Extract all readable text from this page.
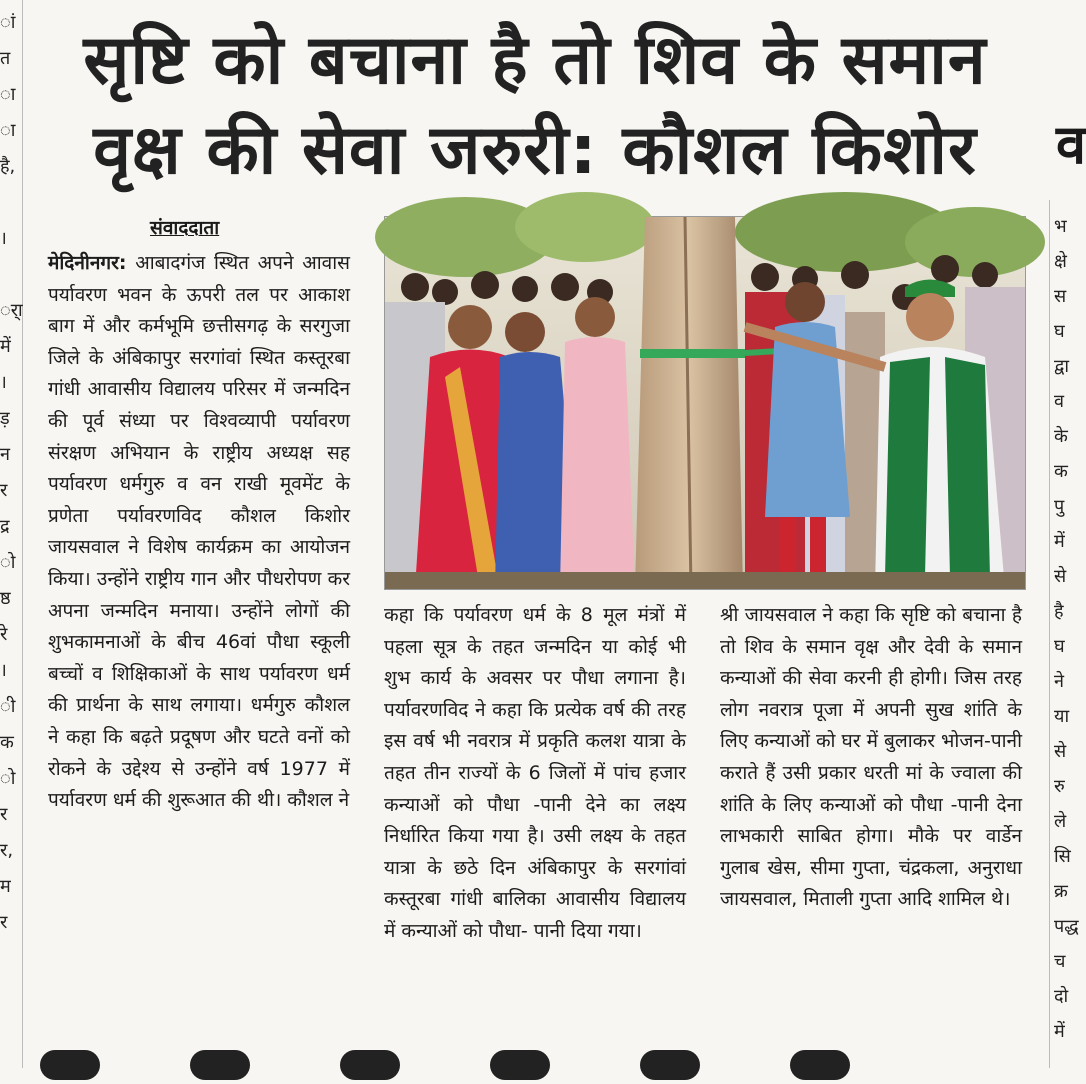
ां
त
ा
ा
है,
।
र्ा
में
।
ड़
न
र
द्र
ो
ष्ठ
रे
।
ी
क
ो
र
र,
म
र
व
भ
क्षे
स
घ
द्वा
व
के
क
पु
में
से
है
घ
ने
या
से
रु
ले
सि
क्र
पद्ध
च
दो
में
सृष्टि को बचाना है तो शिव के समान
वृक्ष की सेवा जरुरी: कौशल किशोर
संवाददाता
मेदिनीनगर: आबादगंज स्थित अपने आवास पर्यावरण भवन के ऊपरी तल पर आकाश बाग में और कर्मभूमि छत्तीसगढ़ के सरगुजा जिले के अंबिकापुर सरगांवां स्थित कस्तूरबा गांधी आवासीय विद्यालय परिसर में जन्मदिन की पूर्व संध्या पर विश्वव्यापी पर्यावरण संरक्षण अभियान के राष्ट्रीय अध्यक्ष सह पर्यावरण धर्मगुरु व वन राखी मूवमेंट के प्रणेता पर्यावरणविद कौशल किशोर जायसवाल ने विशेष कार्यक्रम का आयोजन किया। उन्होंने राष्ट्रीय गान और पौधरोपण कर अपना जन्मदिन मनाया। उन्होंने लोगों की शुभकामनाओं के बीच 46वां पौधा स्कूली बच्चों व शिक्षिकाओं के साथ पर्यावरण धर्म की प्रार्थना के साथ लगाया। धर्मगुरु कौशल ने कहा कि बढ़ते प्रदूषण और घटते वनों को रोकने के उद्देश्य से उन्होंने वर्ष 1977 में पर्यावरण धर्म की शुरूआत की थी। कौशल ने
कहा कि पर्यावरण धर्म के 8 मूल मंत्रों में पहला सूत्र के तहत जन्मदिन या कोई भी शुभ कार्य के अवसर पर पौधा लगाना है। पर्यावरणविद ने कहा कि प्रत्येक वर्ष की तरह इस वर्ष भी नवरात्र में प्रकृति कलश यात्रा के तहत तीन राज्यों के 6 जिलों में पांच हजार कन्याओं को पौधा -पानी देने का लक्ष्य निर्धारित किया गया है। उसी लक्ष्य के तहत यात्रा के छठे दिन अंबिकापुर के सरगांवां कस्तूरबा गांधी बालिका आवासीय विद्यालय में कन्याओं को पौधा- पानी दिया गया।
श्री जायसवाल ने कहा कि सृष्टि को बचाना है तो शिव के समान वृक्ष और देवी के समान कन्याओं की सेवा करनी ही होगी। जिस तरह लोग नवरात्र पूजा में अपनी सुख शांति के लिए कन्याओं को घर में बुलाकर भोजन-पानी कराते हैं उसी प्रकार धरती मां के ज्वाला की शांति के लिए कन्याओं को पौधा -पानी देना लाभकारी साबित होगा। मौके पर वार्डेन गुलाब खेस, सीमा गुप्ता, चंद्रकला, अनुराधा जायसवाल, मिताली गुप्ता आदि शामिल थे।
